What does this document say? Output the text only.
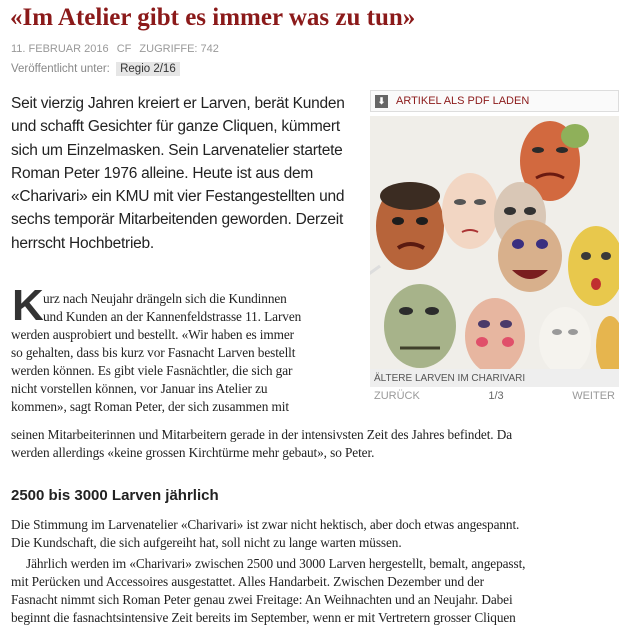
«Im Atelier gibt es immer was zu tun»
11. FEBRUAR 2016 CF ZUGRIFFE: 742
Veröffentlicht unter: Regio 2/16
Seit vierzig Jahren kreiert er Larven, berät Kunden und schafft Gesichter für ganze Cliquen, kümmert sich um Einzelmasken. Sein Larvenatelier startete Roman Peter 1976 alleine. Heute ist aus dem «Charivari» ein KMU mit vier Festangestellten und sechs temporär Mitarbeitenden geworden. Derzeit herrscht Hochbetrieb.
⬇ ARTIKEL ALS PDF LADEN
ÄLTERE LARVEN IM CHARIVARI
ZURÜCK	1/3	WEITER
K urz nach Neujahr drängeln sich die Kundinnen
und Kunden an der Kannenfeldstrasse 11. Larven
werden ausprobiert und bestellt. «Wir haben es immer
so gehalten, dass bis kurz vor Fasnacht Larven bestellt
werden können. Es gibt viele Fasnächtler, die sich gar
nicht vorstellen können, vor Januar ins Atelier zu
kommen», sagt Roman Peter, der sich zusammen mit
seinen Mitarbeiterinnen und Mitarbeitern gerade in der intensivsten Zeit des Jahres befindet. Da
werden allerdings «keine grossen Kirchtürme mehr gebaut», so Peter.
2500 bis 3000 Larven jährlich
Die Stimmung im Larvenatelier «Charivari» ist zwar nicht hektisch, aber doch etwas angespannt.
Die Kundschaft, die sich aufgereiht hat, soll nicht zu lange warten müssen.
Jährlich werden im «Charivari» zwischen 2500 und 3000 Larven hergestellt, bemalt, angepasst,
mit Perücken und Accessoires ausgestattet. Alles Handarbeit. Zwischen Dezember und der
Fasnacht nimmt sich Roman Peter genau zwei Freitage: An Weihnachten und an Neujahr. Dabei
beginnt die fasnachtsintensive Zeit bereits im September, wenn er mit Vertretern grosser Cliquen
